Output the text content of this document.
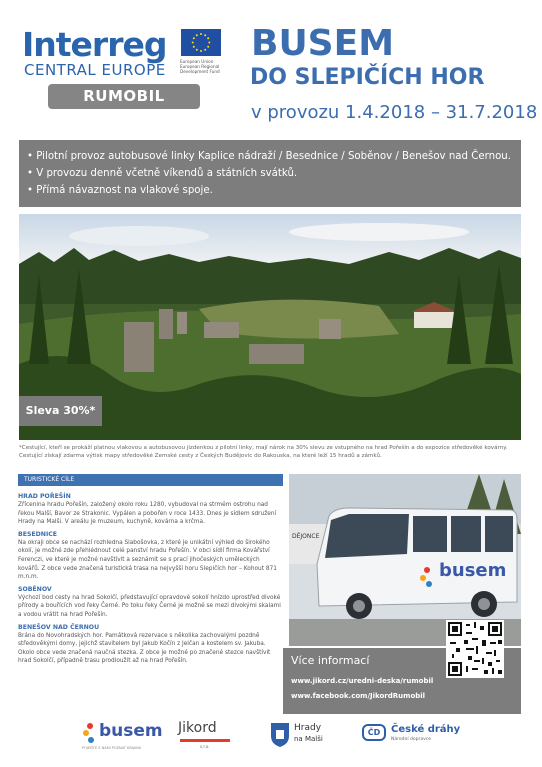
Interreg	European Union European Regional Development Fund
CENTRAL EUROPE
RUMOBIL
BUSEM
DO SLEPIČÍCH HOR
v provozu 1.4.2018 – 31.7.2018
• Pilotní provoz autobusové linky Kaplice nádraží / Besednice / Soběnov / Benešov nad Černou.
• V provozu denně včetně víkendů a státních svátků.
• Přímá návaznost na vlakové spoje.
Sleva 30%*
*Cestující, kteří se prokáží platnou vlakovou a autobusovou jízdenkou z pilotní linky, mají nárok na 30% slevu ze vstupného na hrad Pořešín a do expozice středověké kovárny. Cestující získají zdarma výtisk mapy středověké Zemské cesty z Českých Budějovic do Rakouska, na které leží 15 hradů a zámků.
TURISTICKÉ CÍLE
HRAD POŘEŠÍN
Zřícenina hradu Pořešín, založený okolo roku 1280, vybudoval na strmém ostrohu nad řekou Malší, Bavor ze Strakonic. Vypálen a pobořen v roce 1433. Dnes je sídlem sdružení Hrady na Malši. V areálu je muzeum, kuchyně, kovárna a krčma.
BESEDNICE
Na okraji obce se nachází rozhledna Slabošovka, z které je unikátní výhled do širokého okolí, je možné zde přehlédnout celé panství hradu Pořešín. V obci sídlí firma Kovářství Ferenczi, ve které je možné navštívit a seznámit se s prací jihočeských uměleckých kovářů. Z obce vede značená turistická trasa na nejvyšší horu Slepičích hor – Kohout 871 m.n.m.
SOBĚNOV
Výchozí bod cesty na hrad Sokolčí, představující opravdové sokolí hnízdo uprostřed divoké přírody a bouřících vod řeky Černé. Po toku řeky Černé je možné se mezi divokými skalami a vodou vrátit na hrad Pořešín.
BENEŠOV NAD ČERNOU
Brána do Novohradských hor. Památková rezervace s několika zachovalými pozdně středověkými domy, jejichž stavitelem byl Jakub Kočín z Jelčan a kostelem sv. Jakuba. Okolo obce vede značená naučná stezka. Z obce je možné po značené stezce navštívit hrad Sokolčí, případně trasu prodloužit až na hrad Pořešín.
DĚJONCE
busem
Více informací
www.jikord.cz/uredni-deska/rumobil
www.facebook.com/JikordRumobil
busem
POJEĎTE S NÁMI POZNAT KRAJINU
Jikord
s.r.o.
Hrady
na Malši
ČD	České dráhy
Národní dopravce
